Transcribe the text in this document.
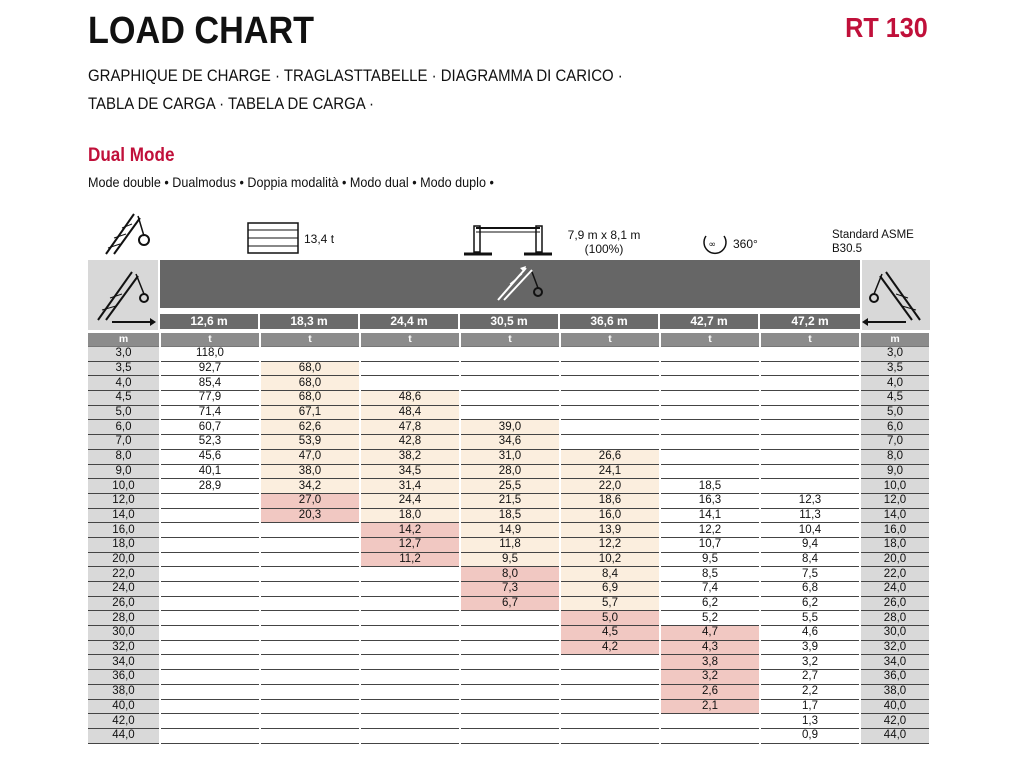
LOAD CHART	RT 130
GRAPHIQUE DE CHARGE · TRAGLASTTABELLE · DIAGRAMMA DI CARICO ·
TABLA DE CARGA · TABELA DE CARGA ·
Dual Mode
Mode double • Dualmodus • Doppia modalità • Modo dual • Modo duplo •
13,4 t	7,9 m x 8,1 m
(100%)	∞ 360°
Standard ASME
B30.5
12,6 m	18,3 m	24,4 m	30,5 m	36,6 m	42,7 m	47,2 m
m	t	t	t	t	t	t	t	m
3,0	118,0							3,0
3,5	92,7	68,0						3,5
4,0	85,4	68,0						4,0
4,5	77,9	68,0	48,6					4,5
5,0	71,4	67,1	48,4					5,0
6,0	60,7	62,6	47,8	39,0				6,0
7,0	52,3	53,9	42,8	34,6				7,0
8,0	45,6	47,0	38,2	31,0	26,6			8,0
9,0	40,1	38,0	34,5	28,0	24,1			9,0
10,0	28,9	34,2	31,4	25,5	22,0	18,5		10,0
12,0		27,0	24,4	21,5	18,6	16,3	12,3	12,0
14,0		20,3	18,0	18,5	16,0	14,1	11,3	14,0
16,0			14,2	14,9	13,9	12,2	10,4	16,0
18,0			12,7	11,8	12,2	10,7	9,4	18,0
20,0			11,2	9,5	10,2	9,5	8,4	20,0
22,0				8,0	8,4	8,5	7,5	22,0
24,0				7,3	6,9	7,4	6,8	24,0
26,0				6,7	5,7	6,2	6,2	26,0
28,0					5,0	5,2	5,5	28,0
30,0					4,5	4,7	4,6	30,0
32,0					4,2	4,3	3,9	32,0
34,0						3,8	3,2	34,0
36,0						3,2	2,7	36,0
38,0						2,6	2,2	38,0
40,0						2,1	1,7	40,0
42,0							1,3	42,0
44,0							0,9	44,0
